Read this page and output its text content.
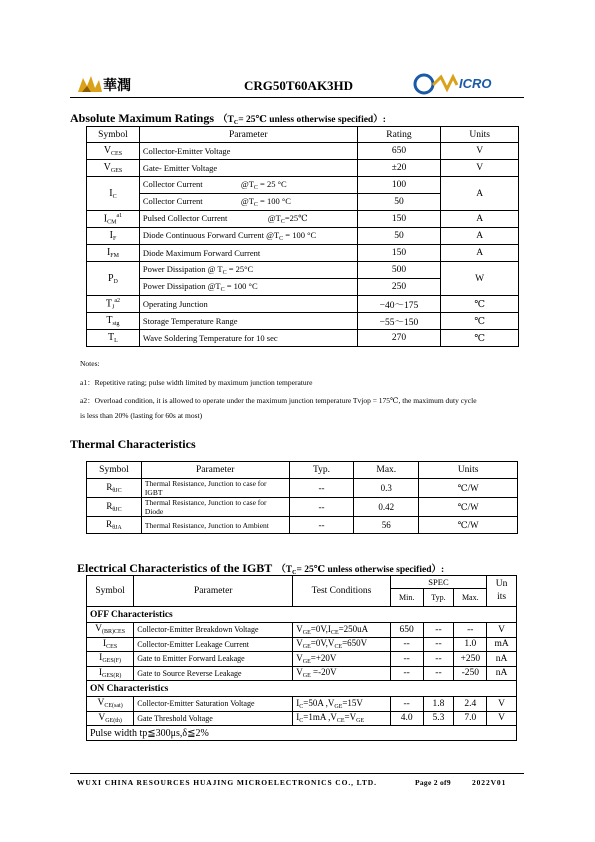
華潤	CRG50T60AK3HD	ICRO
Absolute Maximum Ratings （$T_C=$ 25℃ unless otherwise specified）:
Symbol	Parameter	Rating	Units
$V_{CES}$	Collector-Emitter Voltage	650	V
$V_{GES}$	Gate- Emitter Voltage	±20	V
$I_C$	Collector Current                  $@T_C = 25$ °C	100	A
	Collector Current                  $@T_C = 100$ °C	50	
$I_{CM}^{a1}$	Pulsed Collector Current                   $@T_C=25℃$	150	A
$I_F$	Diode Continuous Forward Current $@T_C = 100$ °C	50	A
$I_{FM}$	Diode Maximum Forward Current	150	A
$P_D$	Power Dissipation @ $T_C = 25^\circ C$	500	W
	Power Dissipation $@T_C = 100$ °C	250	
$T_J^{a2}$	Operating Junction	−40～175	℃
$T_{stg}$	Storage Temperature Range	−55～150	℃
$T_L$	Wave Soldering Temperature for 10 sec	270	℃
Notes:
a1：Repetitive rating; pulse width limited by maximum junction temperature
a2：Overload condition, it is allowed to operate under the maximum junction temperature Tvjop = 175℃, the maximum duty cycle
is less than 20% (lasting for 60s at most)
Thermal Characteristics
Symbol	Parameter	Typ.	Max.	Units
$R_{\theta JC}$	Thermal Resistance, Junction to case for IGBT	--	0.3	℃/W
$R_{\theta JC}$	Thermal Resistance, Junction to case for Diode	--	0.42	℃/W
$R_{\theta JA}$	Thermal Resistance, Junction to Ambient	--	56	℃/W
Electrical Characteristics of the IGBT （$T_C=$ 25℃ unless otherwise specified）:
Symbol	Parameter	Test Conditions	SPEC			Un
its
			Min.	Typ.	Max.	
OFF Characteristics						
$V_{(BR)CES}$	Collector-Emitter Breakdown Voltage	$V_{GE}=0V,I_{CE}=250uA$	650	--	--	V
$I_{CES}$	Collector-Emitter Leakage Current	$V_{GE}=0V,V_{CE}=650V$	--	--	1.0	mA
$I_{GES(F)}$	Gate to Emitter Forward Leakage	$V_{GE}=+20V$	--	--	+250	nA
$I_{GES(R)}$	Gate to Source Reverse Leakage	$V_{GE} =-20V$	--	--	-250	nA
ON Characteristics						
$V_{CE(sat)}$	Collector-Emitter Saturation Voltage	$I_C=50A$ $,V_{GE}=15V$	--	1.8	2.4	V
$V_{GE(th)}$	Gate Threshold Voltage	$I_C=1mA$ $,V_{CE}=V_{GE}$	4.0	5.3	7.0	V
Pulse width tp≦300μs,δ≦2%						
WUXI CHINA RESOURCES HUAJING MICROELECTRONICS CO., LTD.	Page 2 of9	2022V01
